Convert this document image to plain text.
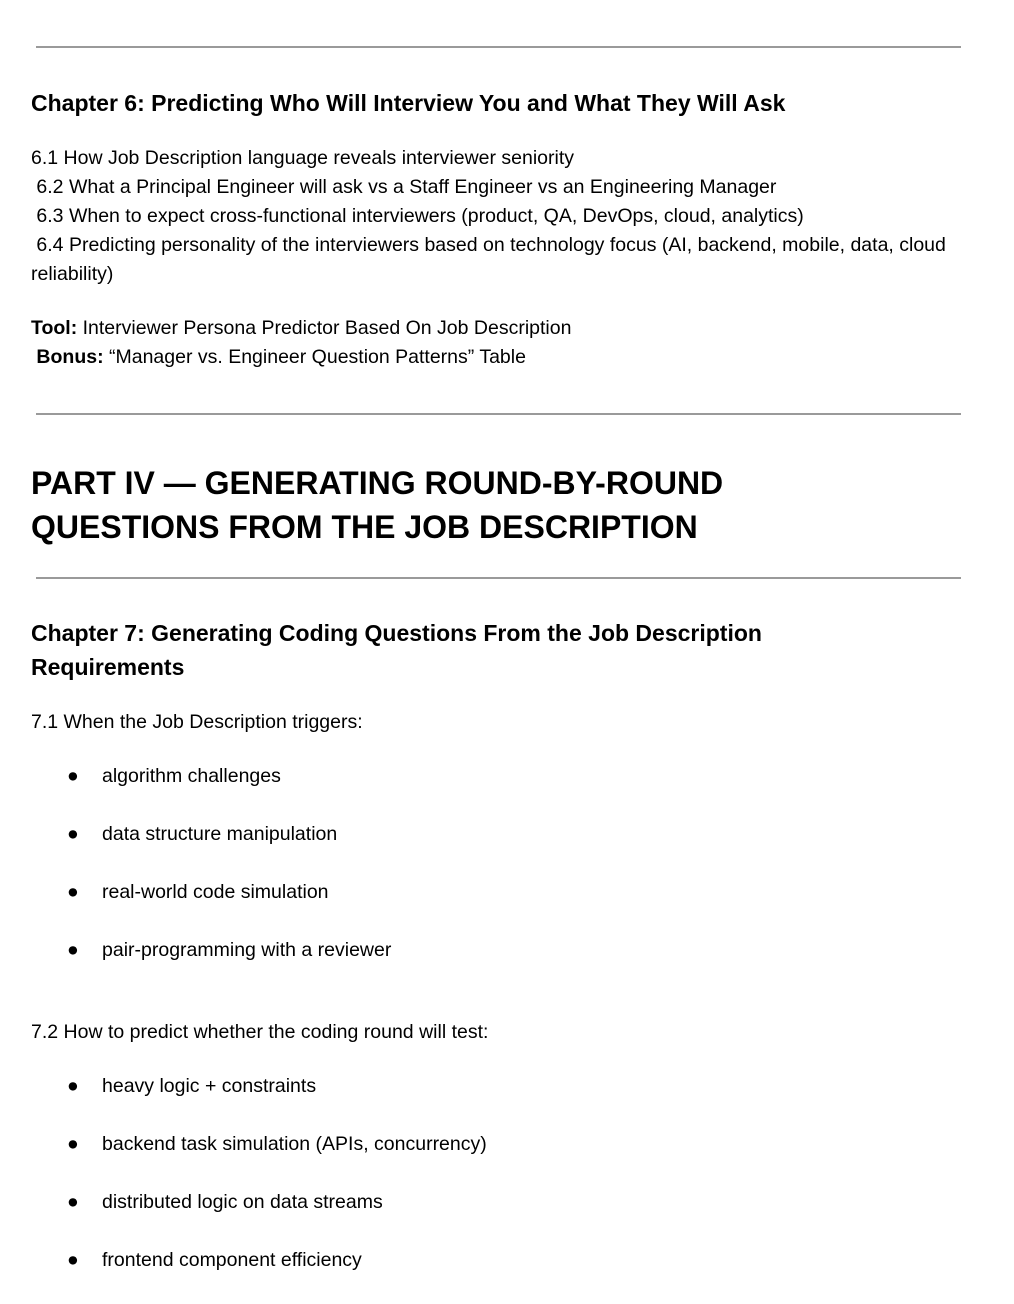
Chapter 6: Predicting Who Will Interview You and What They Will Ask
6.1 How Job Description language reveals interviewer seniority
6.2 What a Principal Engineer will ask vs a Staff Engineer vs an Engineering Manager
6.3 When to expect cross-functional interviewers (product, QA, DevOps, cloud, analytics)
6.4 Predicting personality of the interviewers based on technology focus (AI, backend, mobile, data, cloud reliability)
Tool: Interviewer Persona Predictor Based On Job Description
Bonus: “Manager vs. Engineer Question Patterns” Table
PART IV — GENERATING ROUND-BY-ROUND QUESTIONS FROM THE JOB DESCRIPTION
Chapter 7: Generating Coding Questions From the Job Description Requirements
7.1 When the Job Description triggers:
● algorithm challenges
● data structure manipulation
● real-world code simulation
● pair-programming with a reviewer
7.2 How to predict whether the coding round will test:
● heavy logic + constraints
● backend task simulation (APIs, concurrency)
● distributed logic on data streams
● frontend component efficiency
